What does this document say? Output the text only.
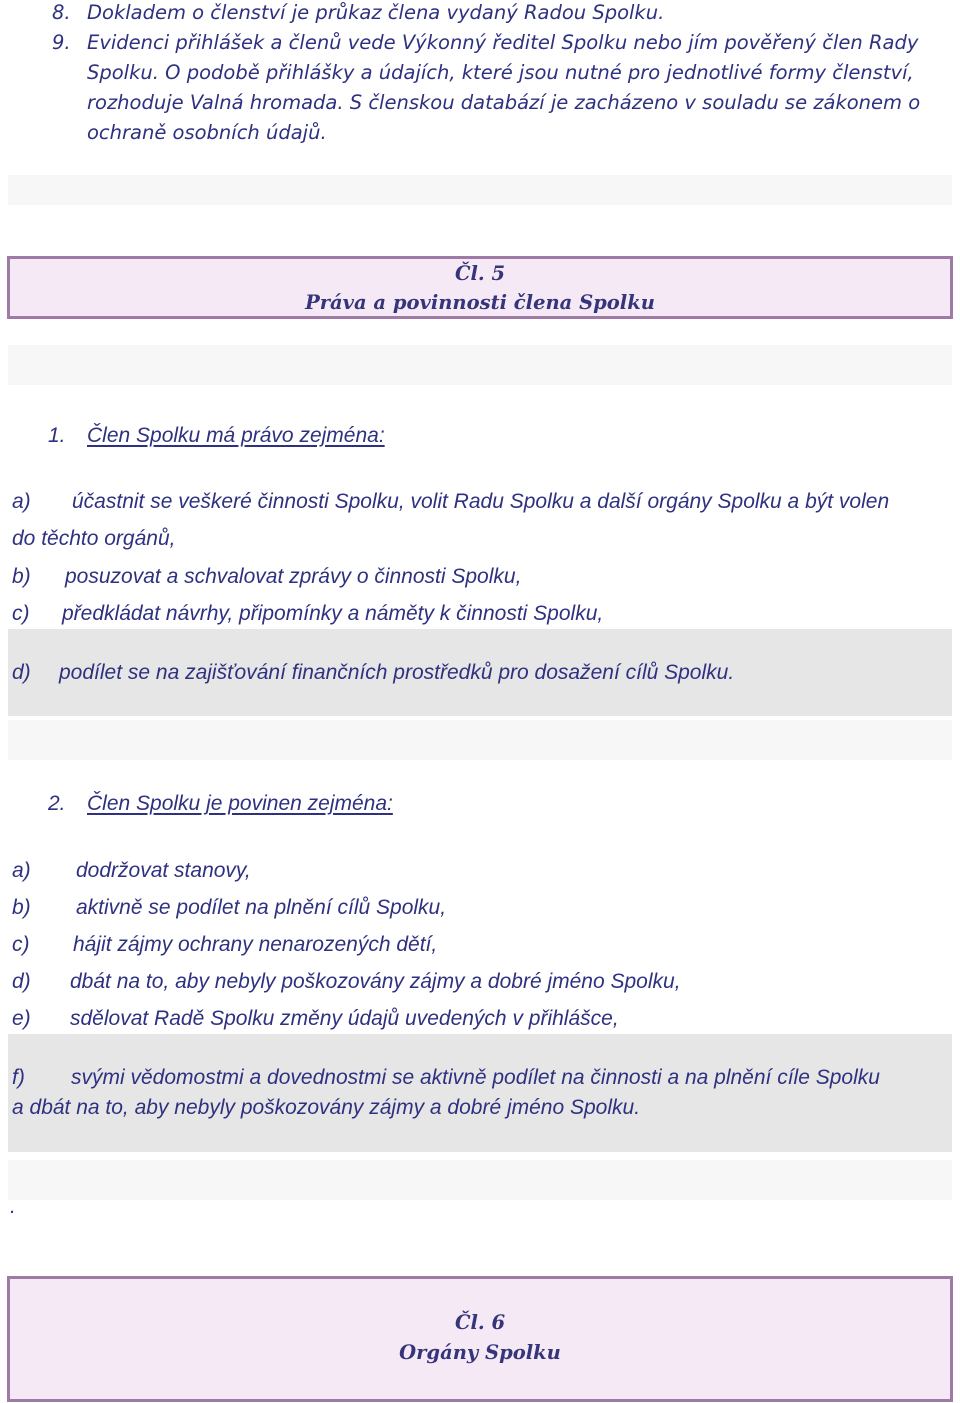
8. Dokladem o členství je průkaz člena vydaný Radou Spolku.
9. Evidenci přihlášek a členů vede Výkonný ředitel Spolku nebo jím pověřený člen Rady
Spolku. O podobě přihlášky a údajích, které jsou nutné pro jednotlivé formy členství,
rozhoduje Valná hromada. S členskou databází je zacházeno v souladu se zákonem o
ochraně osobních údajů.
Čl. 5
Práva a povinnosti člena Spolku
1. Člen Spolku má právo zejména:
a) účastnit se veškeré činnosti Spolku, volit Radu Spolku a další orgány Spolku a být volen
do těchto orgánů,
b) posuzovat a schvalovat zprávy o činnosti Spolku,
c) předkládat návrhy, připomínky a náměty k činnosti Spolku,
d) podílet se na zajišťování finančních prostředků pro dosažení cílů Spolku.
2. Člen Spolku je povinen zejména:
a) dodržovat stanovy,
b) aktivně se podílet na plnění cílů Spolku,
c) hájit zájmy ochrany nenarozených dětí,
d) dbát na to, aby nebyly poškozovány zájmy a dobré jméno Spolku,
e) sdělovat Radě Spolku změny údajů uvedených v přihlášce,
f) svými vědomostmi a dovednostmi se aktivně podílet na činnosti a na plnění cíle Spolku
a dbát na to, aby nebyly poškozovány zájmy a dobré jméno Spolku.
.
Čl. 6
Orgány Spolku
